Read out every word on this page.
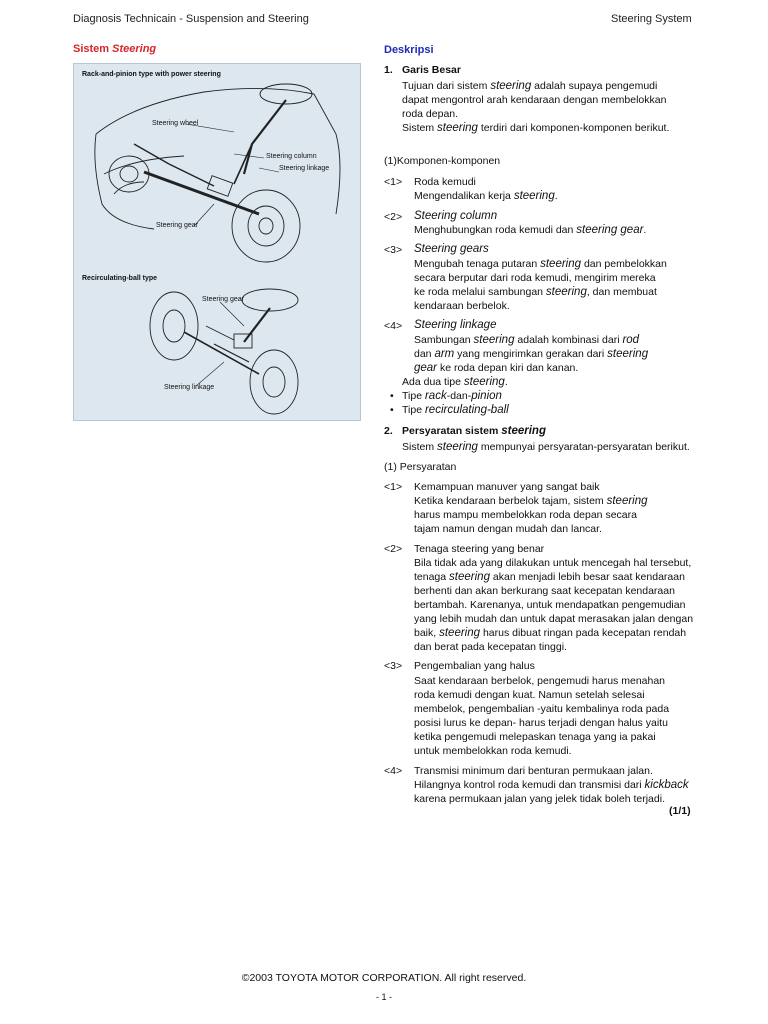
Diagnosis Technicain - Suspension and Steering	Steering System
Sistem Steering	Deskripsi
Rack-and-pinion type with power steering
Steering wheel
Steering column
Steering linkage
Steering gear
Recirculating-ball type
Steering gear
Steering linkage
1. Garis Besar
Tujuan dari sistem steering adalah supaya pengemudi
dapat mengontrol arah kendaraan dengan membelokkan
roda depan.
Sistem steering terdiri dari komponen-komponen berikut.
(1)Komponen-komponen
<1> Roda kemudi
Mengendalikan kerja steering.
<2> Steering column
Menghubungkan roda kemudi dan steering gear.
<3> Steering gears
Mengubah tenaga putaran steering dan pembelokkan
secara berputar dari roda kemudi, mengirim mereka
ke roda melalui sambungan steering, dan membuat
kendaraan berbelok.
<4> Steering linkage
Sambungan steering adalah kombinasi dari rod
dan arm yang mengirimkan gerakan dari steering
gear ke roda depan kiri dan kanan.
Ada dua tipe steering.
• Tipe rack-dan-pinion
• Tipe recirculating-ball
2. Persyaratan sistem steering
Sistem steering mempunyai persyaratan-persyaratan berikut.
(1) Persyaratan
<1> Kemampuan manuver yang sangat baik
Ketika kendaraan berbelok tajam, sistem steering
harus mampu membelokkan roda depan secara
tajam namun dengan mudah dan lancar.
<2> Tenaga steering yang benar
Bila tidak ada yang dilakukan untuk mencegah hal tersebut,
tenaga steering akan menjadi lebih besar saat kendaraan
berhenti dan akan berkurang saat kecepatan kendaraan
bertambah. Karenanya, untuk mendapatkan pengemudian
yang lebih mudah dan untuk dapat merasakan jalan dengan
baik, steering harus dibuat ringan pada kecepatan rendah
dan berat pada kecepatan tinggi.
<3> Pengembalian yang halus
Saat kendaraan berbelok, pengemudi harus menahan
roda kemudi dengan kuat. Namun setelah selesai
membelok, pengembalian -yaitu kembalinya roda pada
posisi lurus ke depan- harus terjadi dengan halus yaitu
ketika pengemudi melepaskan tenaga yang ia pakai
untuk membelokkan roda kemudi.
<4> Transmisi minimum dari benturan permukaan jalan.
Hilangnya kontrol roda kemudi dan transmisi dari kickback
karena permukaan jalan yang jelek tidak boleh terjadi.
(1/1)
©2003 TOYOTA MOTOR CORPORATION. All right reserved.
- 1 -
